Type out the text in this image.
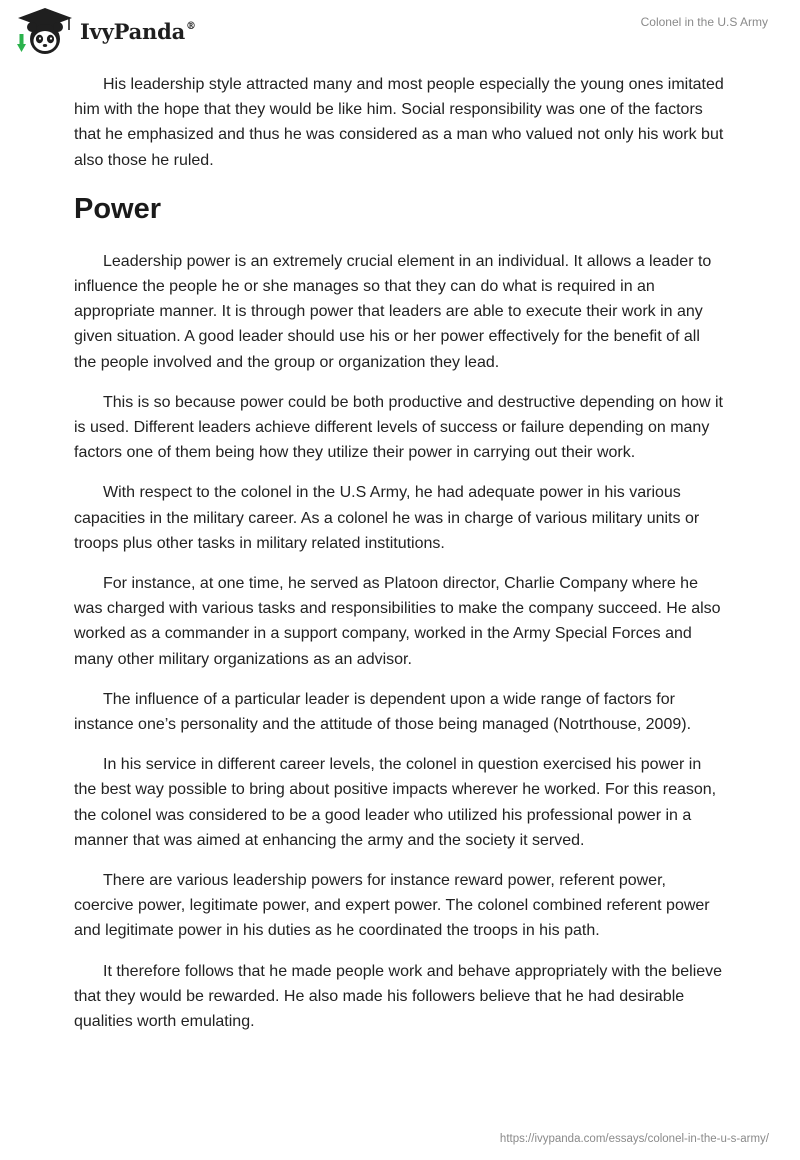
IvyPanda®	Colonel in the U.S Army

His leadership style attracted many and most people especially the young ones imitated him with the hope that they would be like him. Social responsibility was one of the factors that he emphasized and thus he was considered as a man who valued not only his work but also those he ruled.

Power

Leadership power is an extremely crucial element in an individual. It allows a leader to influence the people he or she manages so that they can do what is required in an appropriate manner. It is through power that leaders are able to execute their work in any given situation. A good leader should use his or her power effectively for the benefit of all the people involved and the group or organization they lead.

This is so because power could be both productive and destructive depending on how it is used. Different leaders achieve different levels of success or failure depending on many factors one of them being how they utilize their power in carrying out their work.

With respect to the colonel in the U.S Army, he had adequate power in his various capacities in the military career. As a colonel he was in charge of various military units or troops plus other tasks in military related institutions.

For instance, at one time, he served as Platoon director, Charlie Company where he was charged with various tasks and responsibilities to make the company succeed. He also worked as a commander in a support company, worked in the Army Special Forces and many other military organizations as an advisor.

The influence of a particular leader is dependent upon a wide range of factors for instance one’s personality and the attitude of those being managed (Notrthouse, 2009).

In his service in different career levels, the colonel in question exercised his power in the best way possible to bring about positive impacts wherever he worked. For this reason, the colonel was considered to be a good leader who utilized his professional power in a manner that was aimed at enhancing the army and the society it served.

There are various leadership powers for instance reward power, referent power, coercive power, legitimate power, and expert power. The colonel combined referent power and legitimate power in his duties as he coordinated the troops in his path.

It therefore follows that he made people work and behave appropriately with the believe that they would be rewarded. He also made his followers believe that he had desirable qualities worth emulating.

https://ivypanda.com/essays/colonel-in-the-u-s-army/
